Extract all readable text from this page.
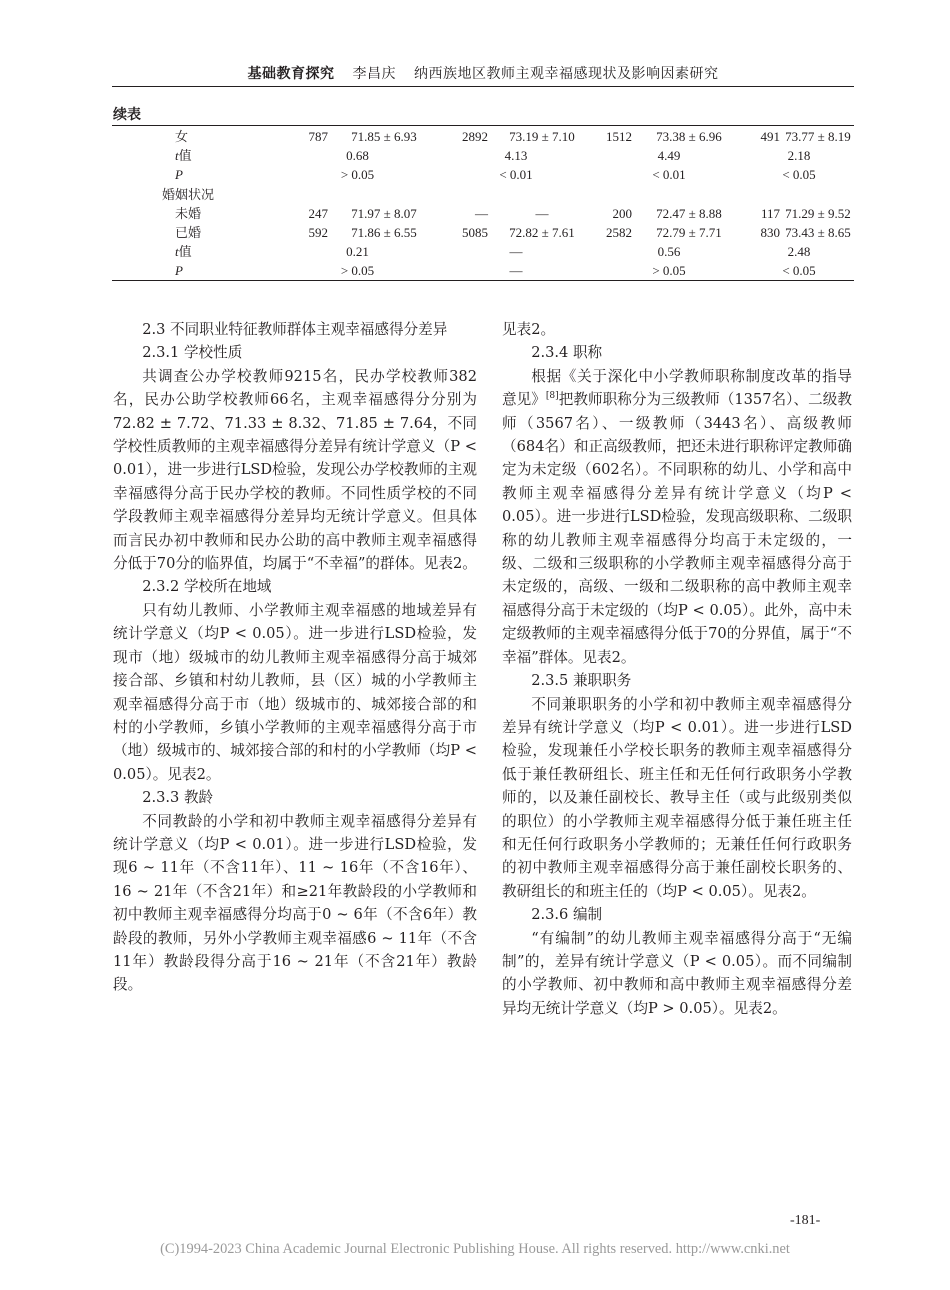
基础教育探究 李昌庆 纳西族地区教师主观幸福感现状及影响因素研究
续表
女	787	71.85 ± 6.93	2892	73.19 ± 7.10	1512	73.38 ± 6.96	491	73.77 ± 8.19
t值	0.68		4.13		4.49		2.18	
P	> 0.05		< 0.01		< 0.01		< 0.05	
婚姻状况								
未婚	247	71.97 ± 8.07	—	—	200	72.47 ± 8.88	117	71.29 ± 9.52
已婚	592	71.86 ± 6.55	5085	72.82 ± 7.61	2582	72.79 ± 7.71	830	73.43 ± 8.65
t值	0.21		—		0.56		2.48	
P	> 0.05		—		> 0.05		< 0.05	

2.3 不同职业特征教师群体主观幸福感得分差异

2.3.1 学校性质

共调查公办学校教师9215名，民办学校教师382名，民办公助学校教师66名，主观幸福感得分分别为72.82 ± 7.72、71.33 ± 8.32、71.85 ± 7.64，不同学校性质教师的主观幸福感得分差异有统计学意义（P < 0.01），进一步进行LSD检验，发现公办学校教师的主观幸福感得分高于民办学校的教师。不同性质学校的不同学段教师主观幸福感得分差异均无统计学意义。但具体而言民办初中教师和民办公助的高中教师主观幸福感得分低于70分的临界值，均属于“不幸福”的群体。见表2。

2.3.2 学校所在地域

只有幼儿教师、小学教师主观幸福感的地域差异有统计学意义（均P < 0.05）。进一步进行LSD检验，发现市（地）级城市的幼儿教师主观幸福感得分高于城郊接合部、乡镇和村幼儿教师，县（区）城的小学教师主观幸福感得分高于市（地）级城市的、城郊接合部的和村的小学教师，乡镇小学教师的主观幸福感得分高于市（地）级城市的、城郊接合部的和村的小学教师（均P < 0.05）。见表2。

2.3.3 教龄

不同教龄的小学和初中教师主观幸福感得分差异有统计学意义（均P < 0.01）。进一步进行LSD检验，发现6 ~ 11年（不含11年）、11 ~ 16年（不含16年）、16 ~ 21年（不含21年）和≥21年教龄段的小学教师和初中教师主观幸福感得分均高于0 ~ 6年（不含6年）教龄段的教师，另外小学教师主观幸福感6 ~ 11年（不含11年）教龄段得分高于16 ~ 21年（不含21年）教龄段。

见表2。

2.3.4 职称

根据《关于深化中小学教师职称制度改革的指导意见》[8]把教师职称分为三级教师（1357名）、二级教师（3567名）、一级教师（3443名）、高级教师（684名）和正高级教师，把还未进行职称评定教师确定为未定级（602名）。不同职称的幼儿、小学和高中教师主观幸福感得分差异有统计学意义（均P < 0.05）。进一步进行LSD检验，发现高级职称、二级职称的幼儿教师主观幸福感得分均高于未定级的，一级、二级和三级职称的小学教师主观幸福感得分高于未定级的，高级、一级和二级职称的高中教师主观幸福感得分高于未定级的（均P < 0.05）。此外，高中未定级教师的主观幸福感得分低于70的分界值，属于“不幸福”群体。见表2。

2.3.5 兼职职务

不同兼职职务的小学和初中教师主观幸福感得分差异有统计学意义（均P < 0.01）。进一步进行LSD检验，发现兼任小学校长职务的教师主观幸福感得分低于兼任教研组长、班主任和无任何行政职务小学教师的，以及兼任副校长、教导主任（或与此级别类似的职位）的小学教师主观幸福感得分低于兼任班主任和无任何行政职务小学教师的；无兼任任何行政职务的初中教师主观幸福感得分高于兼任副校长职务的、教研组长的和班主任的（均P < 0.05）。见表2。

2.3.6 编制

“有编制”的幼儿教师主观幸福感得分高于“无编制”的，差异有统计学意义（P < 0.05）。而不同编制的小学教师、初中教师和高中教师主观幸福感得分差异均无统计学意义（均P > 0.05）。见表2。

-181-
(C)1994-2023 China Academic Journal Electronic Publishing House. All rights reserved. http://www.cnki.net
